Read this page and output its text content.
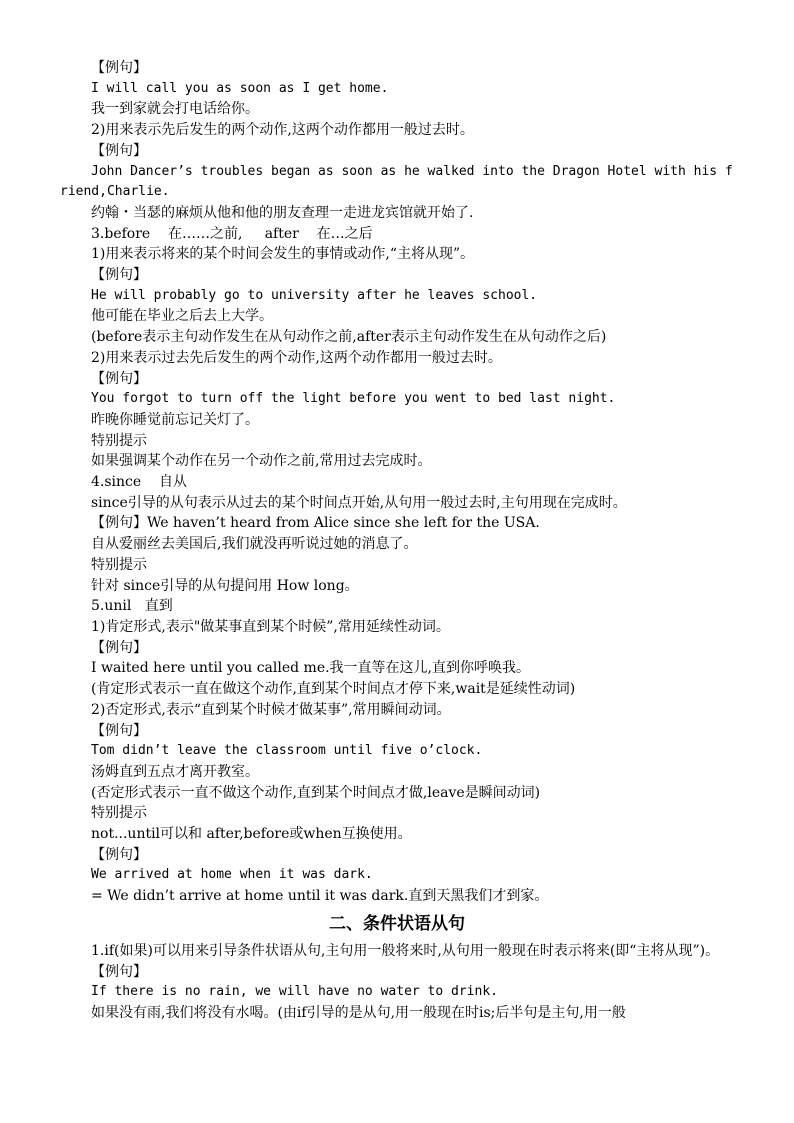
【例句】

I will call you as soon as I get home.

我一到家就会打电话给你。

2)用来表示先后发生的两个动作,这两个动作都用一般过去时。

【例句】

John Dancer’s troubles began as soon as he walked into the Dragon Hotel with his friend,Charlie.

约翰・当瑟的麻烦从他和他的朋友查理一走进龙宾馆就开始了.

3.before    在……之前,     after    在…之后

1)用来表示将来的某个时间会发生的事情或动作,“主将从现”。

【例句】

He will probably go to university after he leaves school.

他可能在毕业之后去上大学。

(before表示主句动作发生在从句动作之前,after表示主句动作发生在从句动作之后)

2)用来表示过去先后发生的两个动作,这两个动作都用一般过去时。

【例句】

You forgot to turn off the light before you went to bed last night.

昨晚你睡觉前忘记关灯了。

特别提示

如果强调某个动作在另一个动作之前,常用过去完成时。

4.since    自从

since引导的从句表示从过去的某个时间点开始,从句用一般过去时,主句用现在完成时。

【例句】We haven’t heard from Alice since she left for the USA.

自从爱丽丝去美国后,我们就没再听说过她的消息了。

特别提示

针对 since引导的从句提问用 How long。

5.unil   直到

1)肯定形式,表示"做某事直到某个时候”,常用延续性动词。

【例句】

I waited here until you called me.我一直等在这儿,直到你呼唤我。

(肯定形式表示一直在做这个动作,直到某个时间点才停下来,wait是延续性动词)

2)否定形式,表示“直到某个时候才做某事”,常用瞬间动词。

【例句】

Tom didn’t leave the classroom until five o’clock.

汤姆直到五点才离开教室。

(否定形式表示一直不做这个动作,直到某个时间点才做,leave是瞬间动词)

特别提示

not...until可以和 after,before或when互换使用。

【例句】

We arrived at home when it was dark.

= We didn’t arrive at home until it was dark.直到天黑我们才到家。

二、条件状语从句

1.if(如果)可以用来引导条件状语从句,主句用一般将来时,从句用一般现在时表示将来(即“主将从现”)。

【例句】

If there is no rain, we will have no water to drink.

如果没有雨,我们将没有水喝。(由if引导的是从句,用一般现在时is;后半句是主句,用一般
